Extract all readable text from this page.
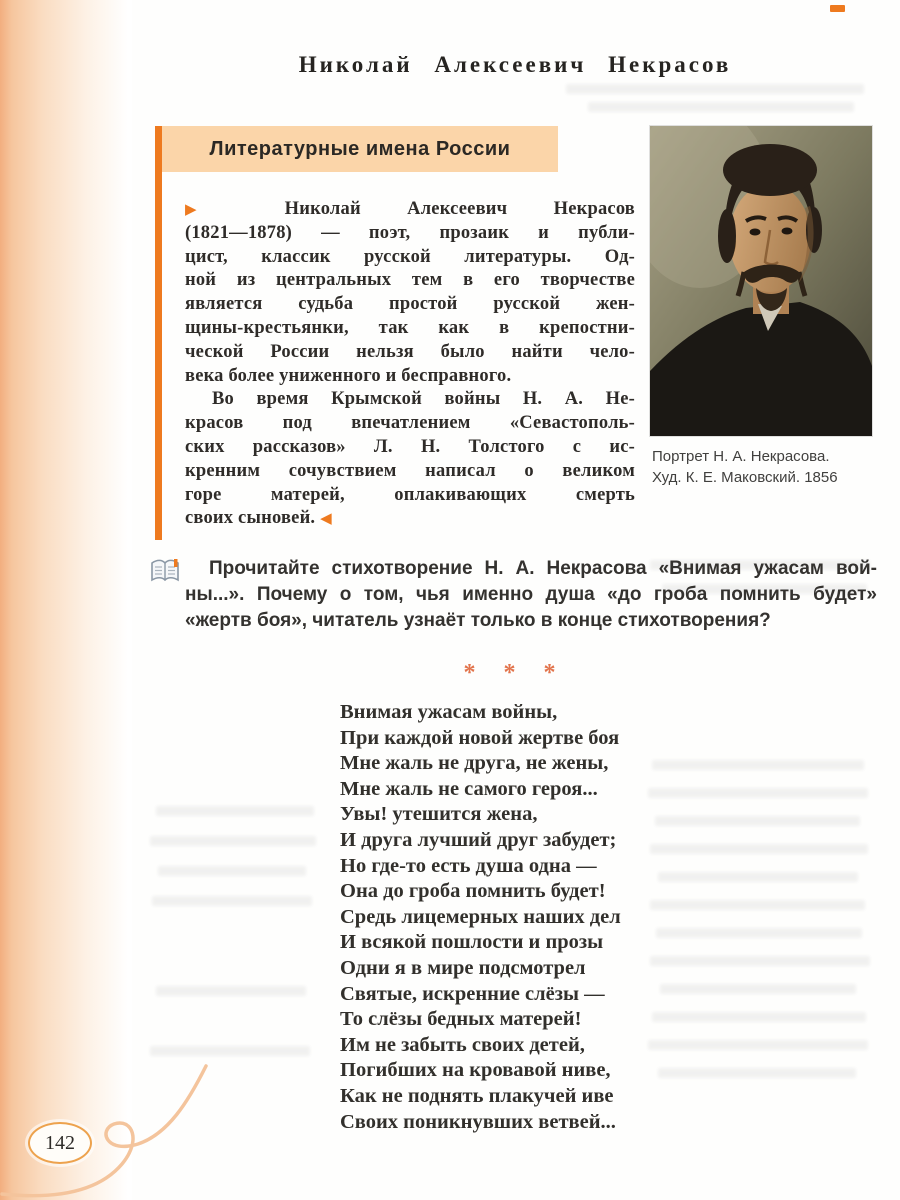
Николай Алексеевич Некрасов
Литературные имена России
▶	Николай Алексеевич Некрасов
(1821—1878) — поэт, прозаик и публи-
цист, классик русской литературы. Од-
ной из центральных тем в его творчестве
является судьба простой русской жен-
щины-крестьянки, так как в крепостни-
ческой России нельзя было найти чело-
века более униженного и бесправного.
Во время Крымской войны Н. А. Не-
красов под впечатлением «Севастополь-
ских рассказов» Л. Н. Толстого с ис-
кренним сочувствием написал о великом
горе матерей, оплакивающих смерть
своих сыновей. ◀
Портрет Н. А. Некрасова.
Худ. К. Е. Маковский. 1856
Прочитайте стихотворение Н. А. Некрасова «Внимая ужасам вой-
ны...». Почему о том, чья именно душа «до гроба помнить будет»
«жертв боя», читатель узнаёт только в конце стихотворения?
* * *
Внимая ужасам войны,
При каждой новой жертве боя
Мне жаль не друга, не жены,
Мне жаль не самого героя...
Увы! утешится жена,
И друга лучший друг забудет;
Но где-то есть душа одна —
Она до гроба помнить будет!
Средь лицемерных наших дел
И всякой пошлости и прозы
Одни я в мире подсмотрел
Святые, искренние слёзы —
То слёзы бедных матерей!
Им не забыть своих детей,
Погибших на кровавой ниве,
Как не поднять плакучей иве
Своих поникнувших ветвей...
142
